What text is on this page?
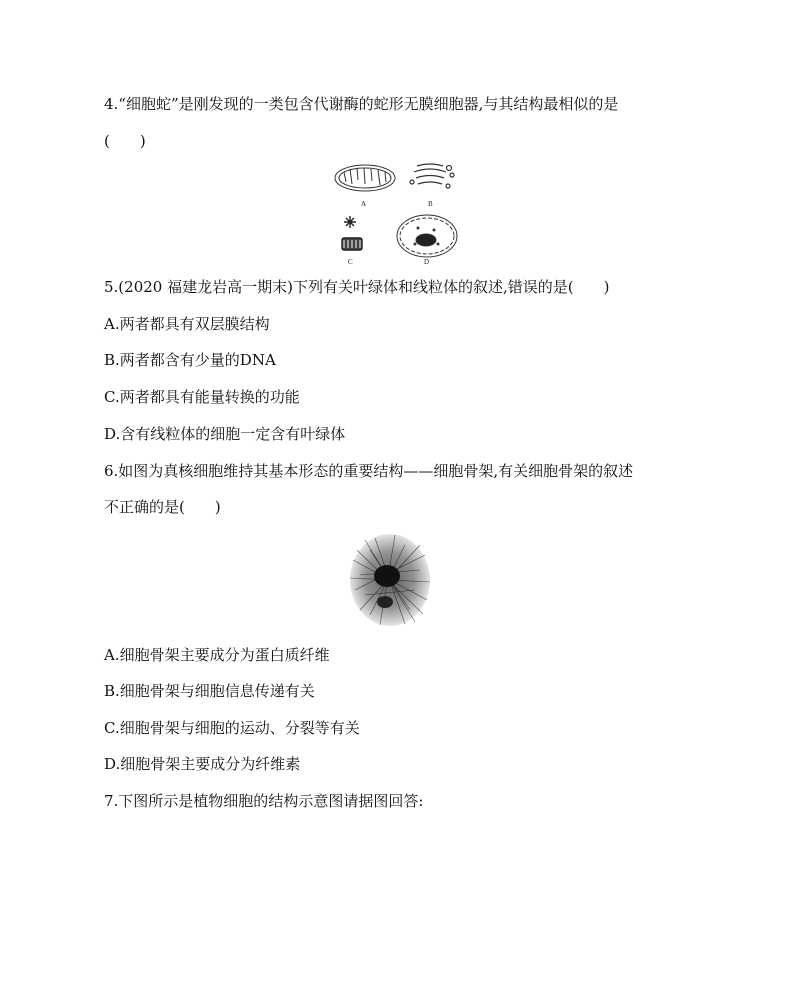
4.“细胞蛇”是刚发现的一类包含代谢酶的蛇形无膜细胞器,与其结构最相似的是
(　　)
A	B
C	D
5.(2020 福建龙岩高一期末)下列有关叶绿体和线粒体的叙述,错误的是(　　)
A.两者都具有双层膜结构
B.两者都含有少量的DNA
C.两者都具有能量转换的功能
D.含有线粒体的细胞一定含有叶绿体
6.如图为真核细胞维持其基本形态的重要结构——细胞骨架,有关细胞骨架的叙述
不正确的是(　　)
A.细胞骨架主要成分为蛋白质纤维
B.细胞骨架与细胞信息传递有关
C.细胞骨架与细胞的运动、分裂等有关
D.细胞骨架主要成分为纤维素
7.下图所示是植物细胞的结构示意图请据图回答:
